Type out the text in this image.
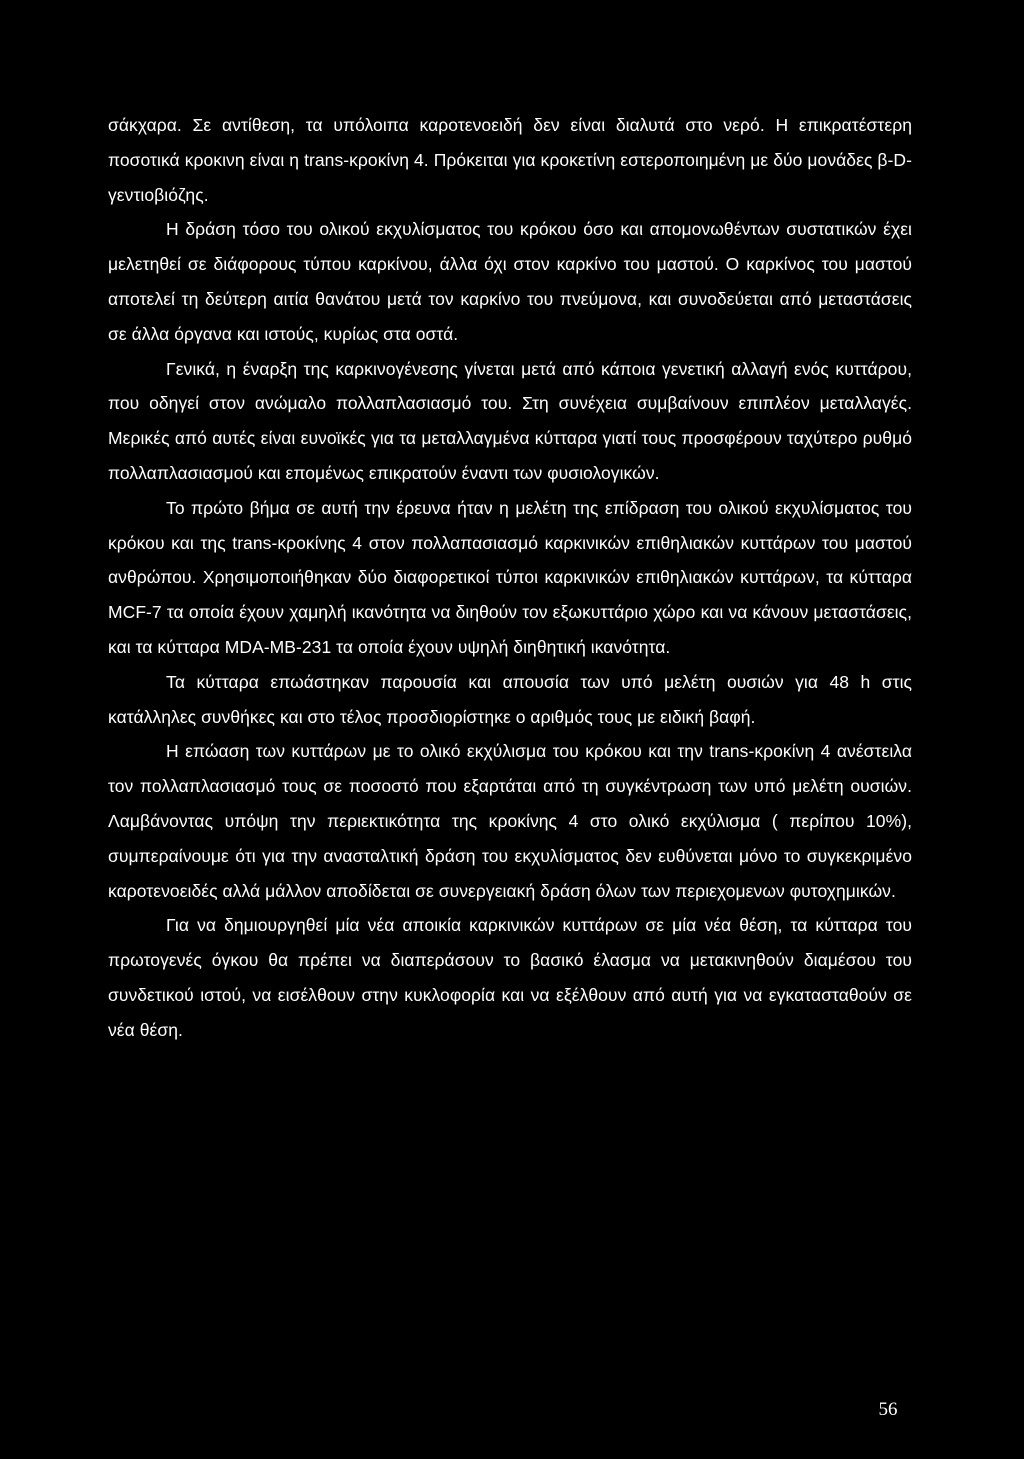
σάκχαρα. Σε αντίθεση, τα υπόλοιπα καροτενοειδή δεν είναι διαλυτά στο νερό. Η επικρατέστερη ποσοτικά κροκινη είναι η trans-κροκίνη 4. Πρόκειται για κροκετίνη εστεροποιημένη με δύο μονάδες β-D-γεντιοβιόζης.

Η δράση τόσο του ολικού εκχυλίσματος του κρόκου όσο και απομονωθέντων συστατικών έχει μελετηθεί σε διάφορους τύπου καρκίνου, άλλα όχι στον καρκίνο του μαστού. Ο καρκίνος του μαστού αποτελεί τη δεύτερη αιτία θανάτου μετά τον καρκίνο του πνεύμονα, και συνοδεύεται από μεταστάσεις σε άλλα όργανα και ιστούς, κυρίως στα οστά.

Γενικά, η έναρξη της καρκινογένεσης γίνεται μετά από κάποια γενετική αλλαγή ενός κυττάρου, που οδηγεί στον ανώμαλο πολλαπλασιασμό του. Στη συνέχεια συμβαίνουν επιπλέον μεταλλαγές. Μερικές από αυτές είναι ευνοϊκές για τα μεταλλαγμένα κύτταρα γιατί τους προσφέρουν ταχύτερο ρυθμό πολλαπλασιασμού και επομένως επικρατούν έναντι των φυσιολογικών.

Το πρώτο βήμα σε αυτή την έρευνα ήταν η μελέτη της επίδραση του ολικού εκχυλίσματος του κρόκου και της trans-κροκίνης 4 στον πολλαπασιασμό καρκινικών επιθηλιακών κυττάρων του μαστού ανθρώπου. Χρησιμοποιήθηκαν δύο διαφορετικοί τύποι καρκινικών επιθηλιακών κυττάρων, τα κύτταρα MCF-7 τα οποία έχουν χαμηλή ικανότητα να διηθούν τον εξωκυττάριο χώρο και να κάνουν μεταστάσεις, και τα κύτταρα MDA-MB-231 τα οποία έχουν υψηλή διηθητική ικανότητα.

Τα κύτταρα επωάστηκαν παρουσία και απουσία των υπό μελέτη ουσιών για 48 h στις κατάλληλες συνθήκες και στο τέλος προσδιορίστηκε ο αριθμός τους με ειδική βαφή.

Η επώαση των κυττάρων με το ολικό εκχύλισμα του κρόκου και την trans-κροκίνη 4 ανέστειλα τον πολλαπλασιασμό τους σε ποσοστό που εξαρτάται από τη συγκέντρωση των υπό μελέτη ουσιών. Λαμβάνοντας υπόψη την περιεκτικότητα της κροκίνης 4 στο ολικό εκχύλισμα ( περίπου 10%), συμπεραίνουμε ότι για την ανασταλτική δράση του εκχυλίσματος δεν ευθύνεται μόνο το συγκεκριμένο καροτενοειδές αλλά μάλλον αποδίδεται σε συνεργειακή δράση όλων των περιεχομενων φυτοχημικών.

Για να δημιουργηθεί μία νέα αποικία καρκινικών κυττάρων σε μία νέα θέση, τα κύτταρα του πρωτογενές όγκου θα πρέπει να διαπεράσουν το βασικό έλασμα να μετακινηθούν διαμέσου του συνδετικού ιστού, να εισέλθουν στην κυκλοφορία και να εξέλθουν από αυτή για να εγκατασταθούν σε νέα θέση.

56
